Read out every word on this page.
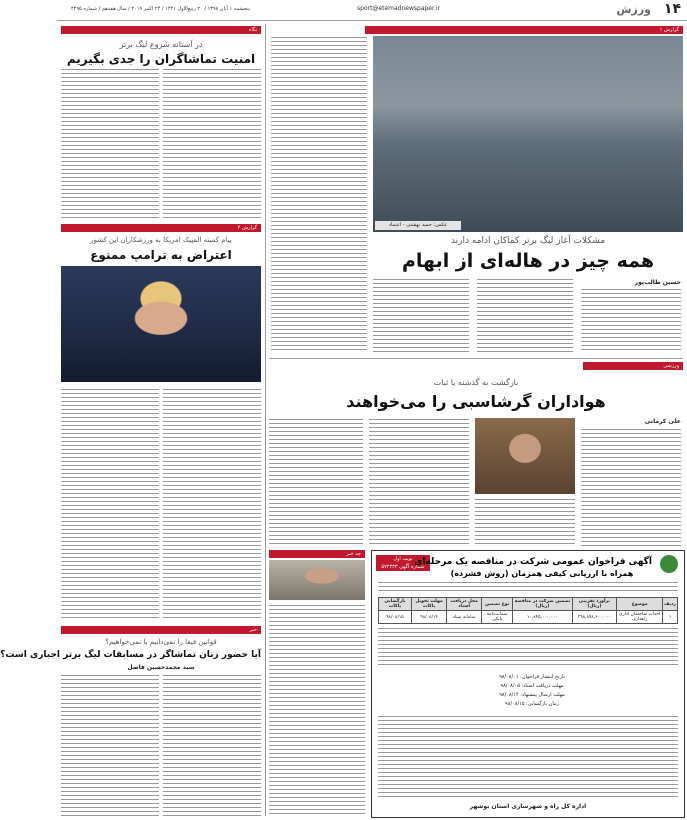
۱۴
ورزش
sport@etemadnewspaper.ir
پنجشنبه ۱ آبان ۱۳۹۸ / ۲۰ ربیع‌الاول ۱۴۴۱ / ۲۴ اکتبر ۲۰۱۹ / سال هفدهم / شماره ۴۴۹۵
گزارش ۱
عکس: حمید بهشتی - اعتماد
مشکلات آغاز لیگ برتر کماکان ادامه دارند
همه چیز در هاله‌ای از ابهام
حسین طالب‌پور
نگاه
در آستانه شروع لیگ برتر
امنیت تماشاگران را جدی بگیریم
گزارش ۲
پیام کمیته المپیک امریکا به ورزشکاران این کشور
اعتراض به ترامپ ممنوع
ورزشی
بازگشت به گذشته با ثبات
هواداران گرشاسبی را می‌خواهند
علی کرمانی
خبر
قوانین فیفا را نمی‌دانیم یا نمی‌خواهیم؟
آیا حضور زنان تماشاگر در مسابقات لیگ برتر اجباری است؟
سید محمدحسین فاضل
چه خبر
نوبت اول
شماره آگهی ۵۷۲۳۳۳
آگهی فراخوان عمومی شرکت در مناقصه یک مرحله‌ای
همراه با ارزیابی کیفی همزمان (روش فشرده)
ردیف	موضوع	برآورد تقریبی (ریال)	تضمین شرکت در مناقصه (ریال)	نوع تضمین	محل دریافت اسناد	مهلت تحویل پاکات	بازگشایی پاکات
۱	احداث ساختمان اداری راهداری	۳۹۸,۸۹۸,۶۰۰,۰۰۰	۱۰,۸۴۵,۰۰۰,۰۰۰	ضمانت‌نامه بانکی	سامانه ستاد	۹۸/۰۸/۱۴	۹۸/۰۸/۱۵
تاریخ انتشار فراخوان: ۹۸/۰۸/۰۱
مهلت دریافت اسناد: ۹۸/۰۸/۰۵
مهلت ارسال پیشنهاد: ۹۸/۰۸/۱۴
زمان بازگشایی: ۹۸/۰۸/۱۵
اداره کل راه و شهرسازی استان بوشهر
